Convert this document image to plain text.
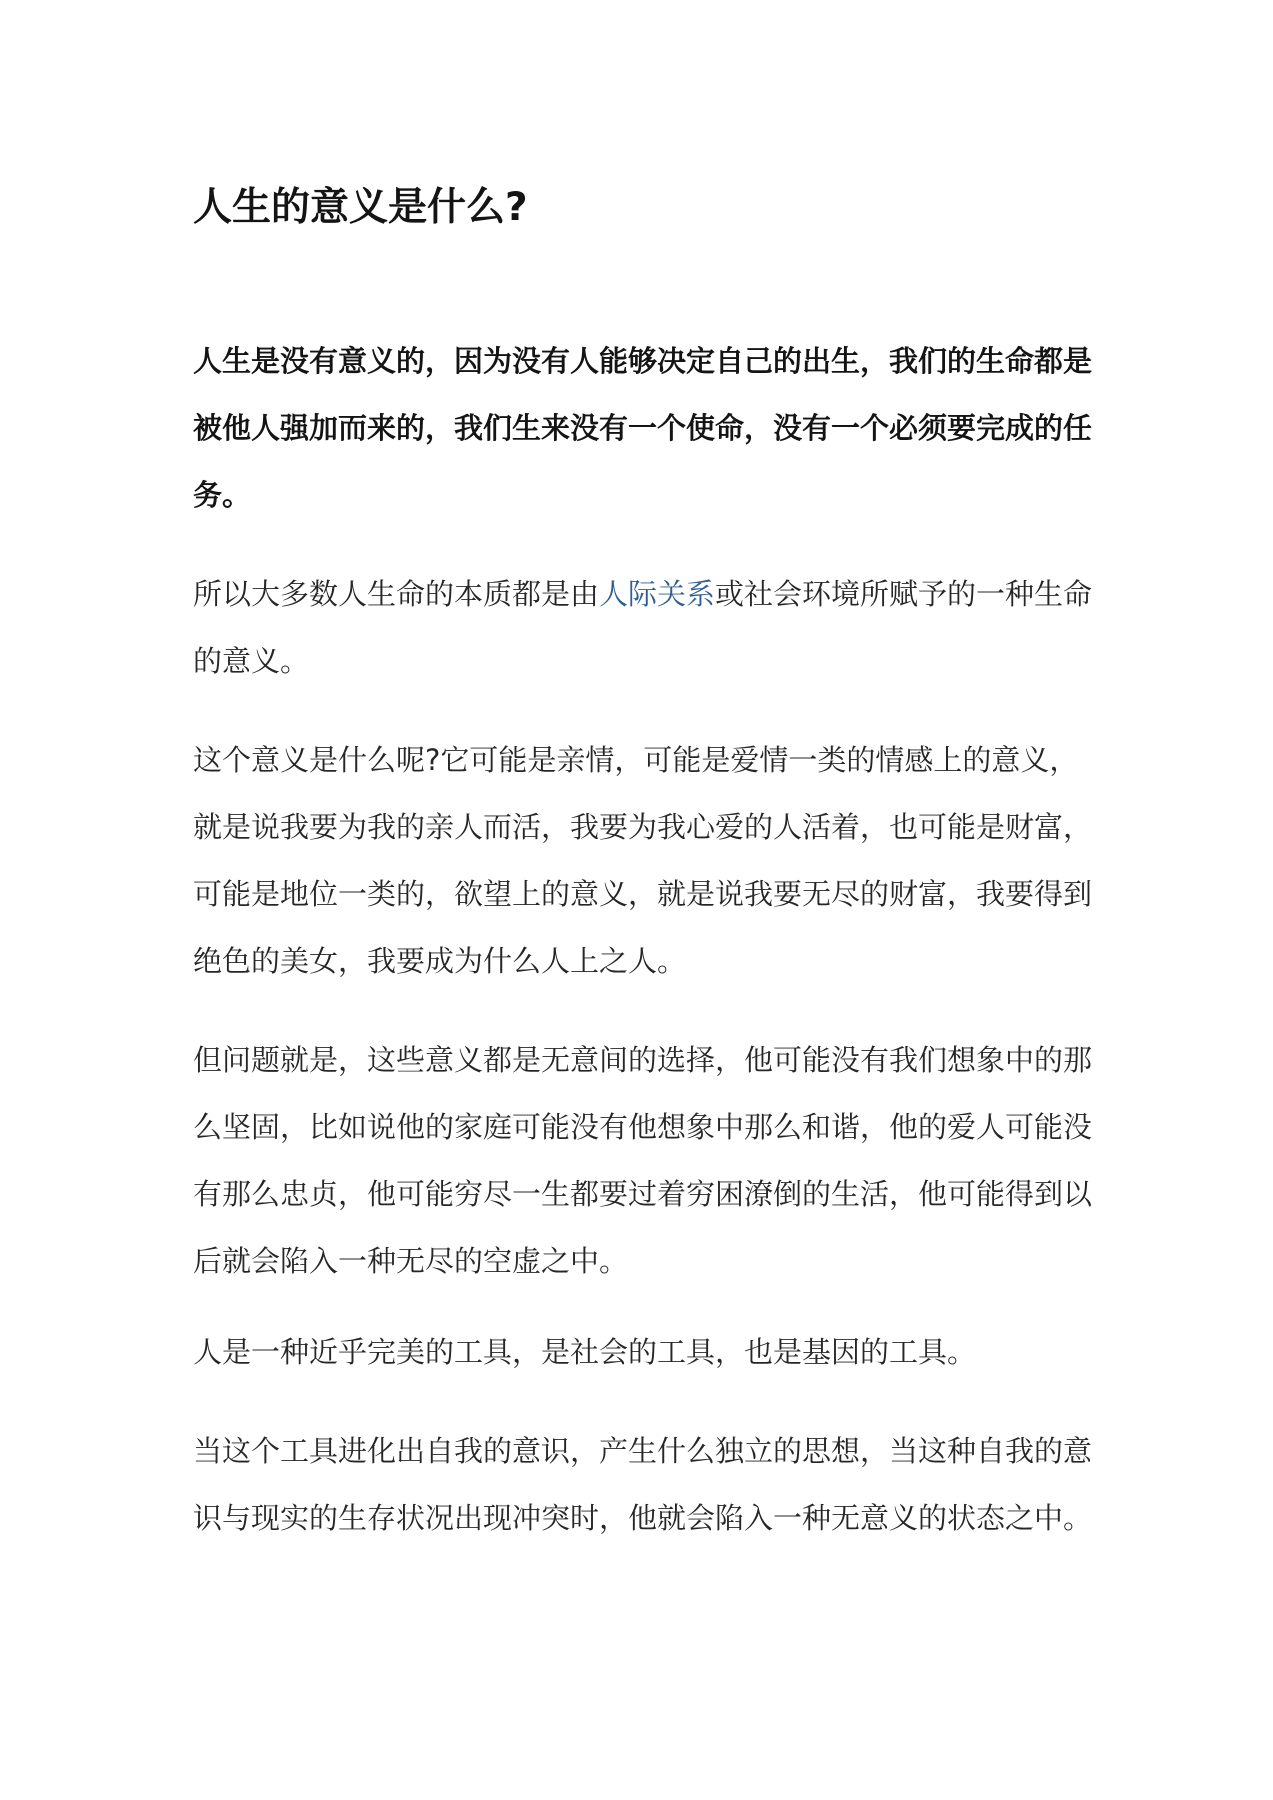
人生的意义是什么?

人生是没有意义的，因为没有人能够决定自己的出生，我们的生命都是被他人强加而来的，我们生来没有一个使命，没有一个必须要完成的任务。

所以大多数人生命的本质都是由人际关系或社会环境所赋予的一种生命的意义。

这个意义是什么呢?它可能是亲情，可能是爱情一类的情感上的意义，就是说我要为我的亲人而活，我要为我心爱的人活着，也可能是财富，可能是地位一类的，欲望上的意义，就是说我要无尽的财富，我要得到绝色的美女，我要成为什么人上之人。

但问题就是，这些意义都是无意间的选择，他可能没有我们想象中的那么坚固，比如说他的家庭可能没有他想象中那么和谐，他的爱人可能没有那么忠贞，他可能穷尽一生都要过着穷困潦倒的生活，他可能得到以后就会陷入一种无尽的空虚之中。

人是一种近乎完美的工具，是社会的工具，也是基因的工具。

当这个工具进化出自我的意识，产生什么独立的思想，当这种自我的意识与现实的生存状况出现冲突时，他就会陷入一种无意义的状态之中。
